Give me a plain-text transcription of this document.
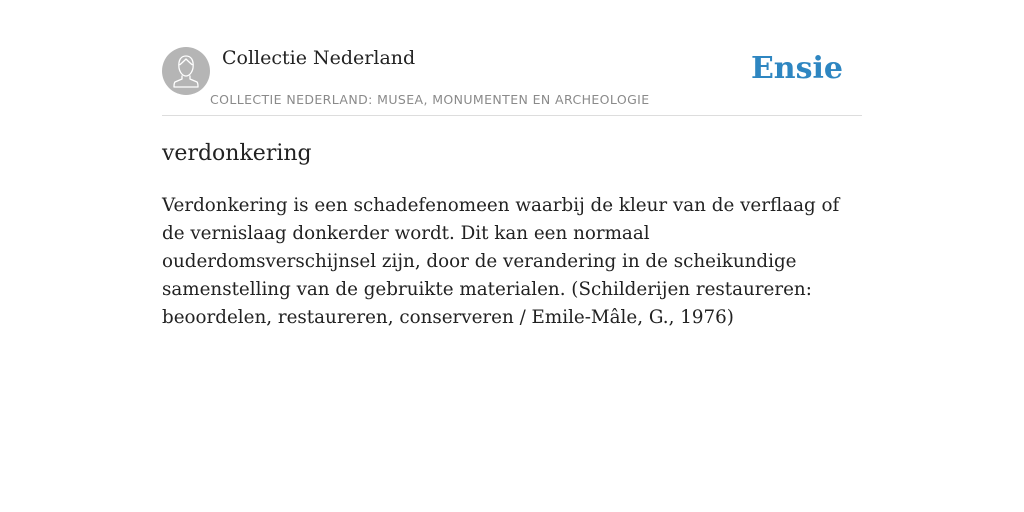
Collectie Nederland
COLLECTIE NEDERLAND: MUSEA, MONUMENTEN EN ARCHEOLOGIE
Ensie
verdonkering

Verdonkering is een schadefenomeen waarbij de kleur van de verflaag of de vernislaag donkerder wordt. Dit kan een normaal ouderdomsverschijnsel zijn, door de verandering in de scheikundige samenstelling van de gebruikte materialen. (Schilderijen restaureren: beoordelen, restaureren, conserveren / Emile-Mâle, G., 1976)
